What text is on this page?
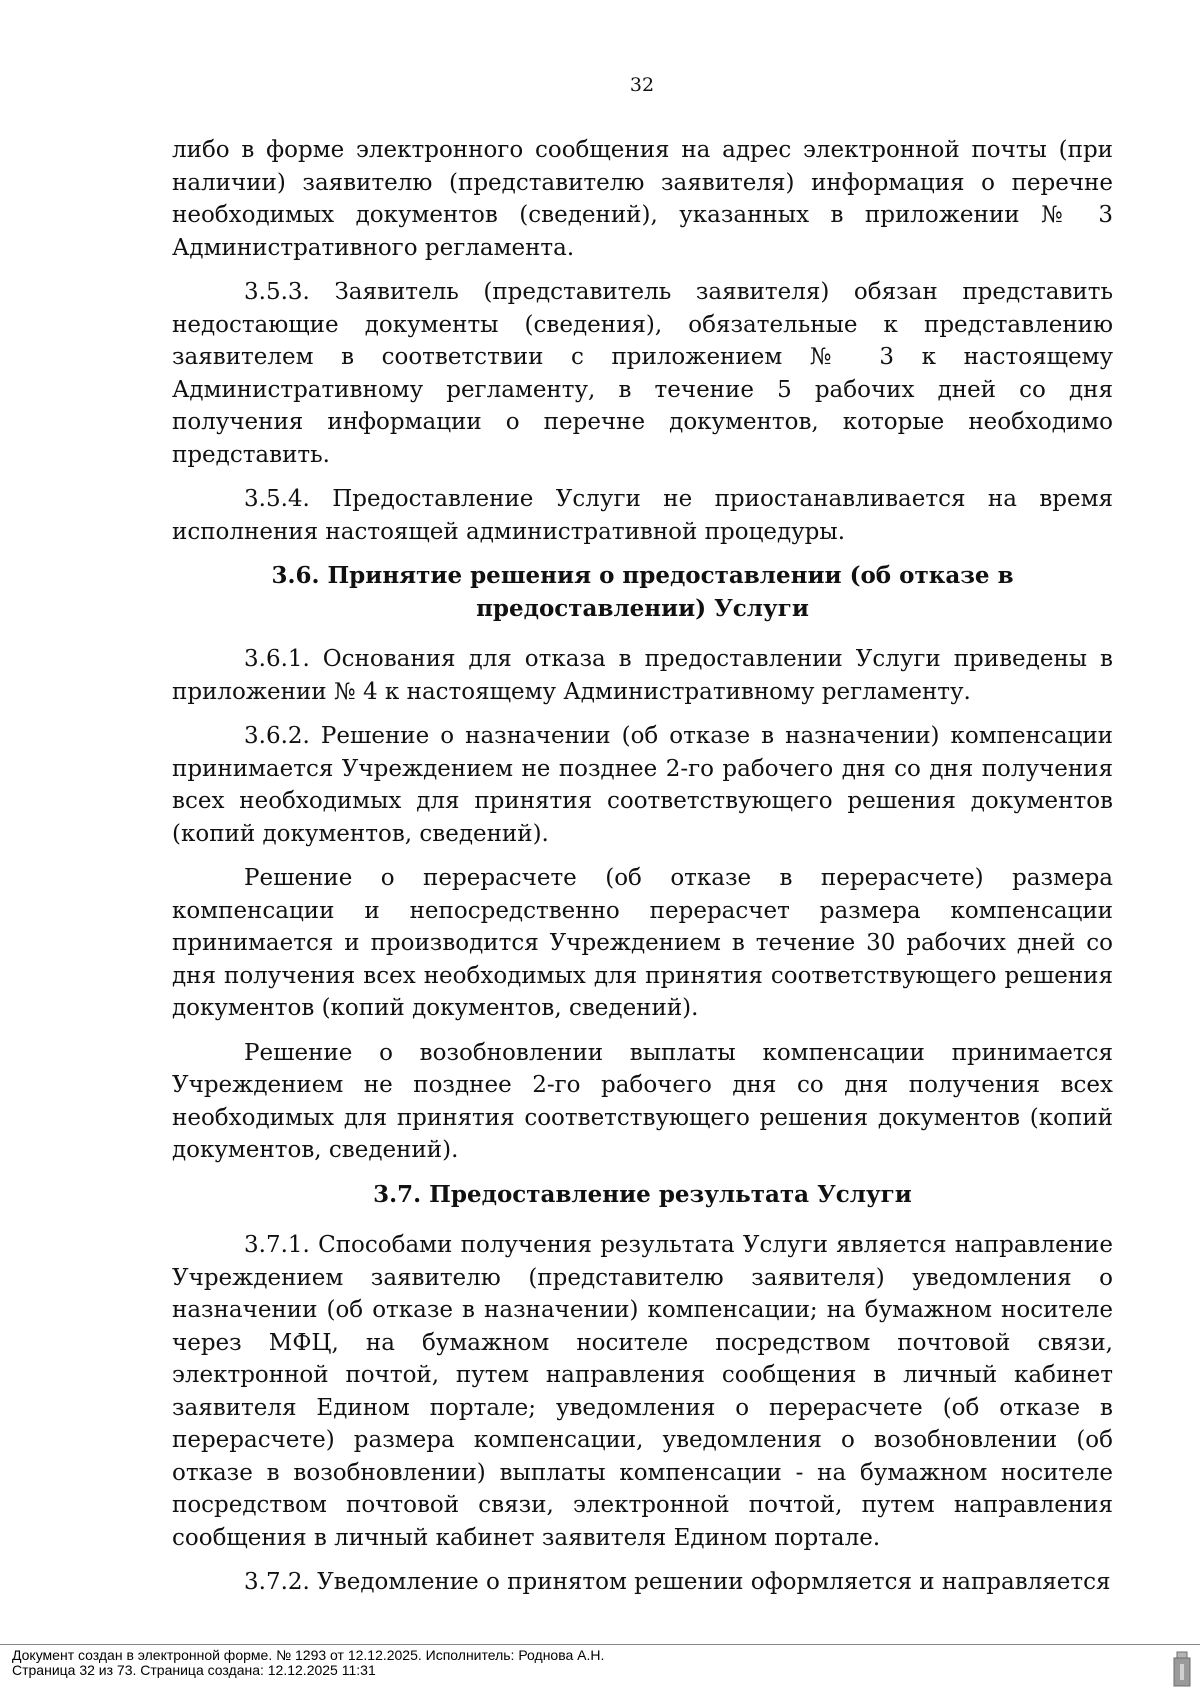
32

либо в форме электронного сообщения на адрес электронной почты (при наличии) заявителю (представителю заявителя) информация о перечне необходимых документов (сведений), указанных в приложении № 3 Административного регламента.

3.5.3. Заявитель (представитель заявителя) обязан представить недостающие документы (сведения), обязательные к представлению заявителем в соответствии с приложением № 3 к настоящему Административному регламенту, в течение 5 рабочих дней со дня получения информации о перечне документов, которые необходимо представить.

3.5.4. Предоставление Услуги не приостанавливается на время исполнения настоящей административной процедуры.

3.6. Принятие решения о предоставлении (об отказе в предоставлении) Услуги

3.6.1. Основания для отказа в предоставлении Услуги приведены в приложении № 4 к настоящему Административному регламенту.

3.6.2. Решение о назначении (об отказе в назначении) компенсации принимается Учреждением не позднее 2-го рабочего дня со дня получения всех необходимых для принятия соответствующего решения документов (копий документов, сведений).

Решение о перерасчете (об отказе в перерасчете) размера компенсации и непосредственно перерасчет размера компенсации принимается и производится Учреждением в течение 30 рабочих дней со дня получения всех необходимых для принятия соответствующего решения документов (копий документов, сведений).

Решение о возобновлении выплаты компенсации принимается Учреждением не позднее 2-го рабочего дня со дня получения всех необходимых для принятия соответствующего решения документов (копий документов, сведений).

3.7. Предоставление результата Услуги

3.7.1. Способами получения результата Услуги является направление Учреждением заявителю (представителю заявителя) уведомления о назначении (об отказе в назначении) компенсации; на бумажном носителе через МФЦ, на бумажном носителе посредством почтовой связи, электронной почтой, путем направления сообщения в личный кабинет заявителя Едином портале; уведомления о перерасчете (об отказе в перерасчете) размера компенсации, уведомления о возобновлении (об отказе в возобновлении) выплаты компенсации - на бумажном носителе посредством почтовой связи, электронной почтой, путем направления сообщения в личный кабинет заявителя Едином портале.

3.7.2. Уведомление о принятом решении оформляется и направляется

Документ создан в электронной форме. № 1293 от 12.12.2025. Исполнитель: Роднова А.Н.
Страница 32 из 73. Страница создана: 12.12.2025 11:31
